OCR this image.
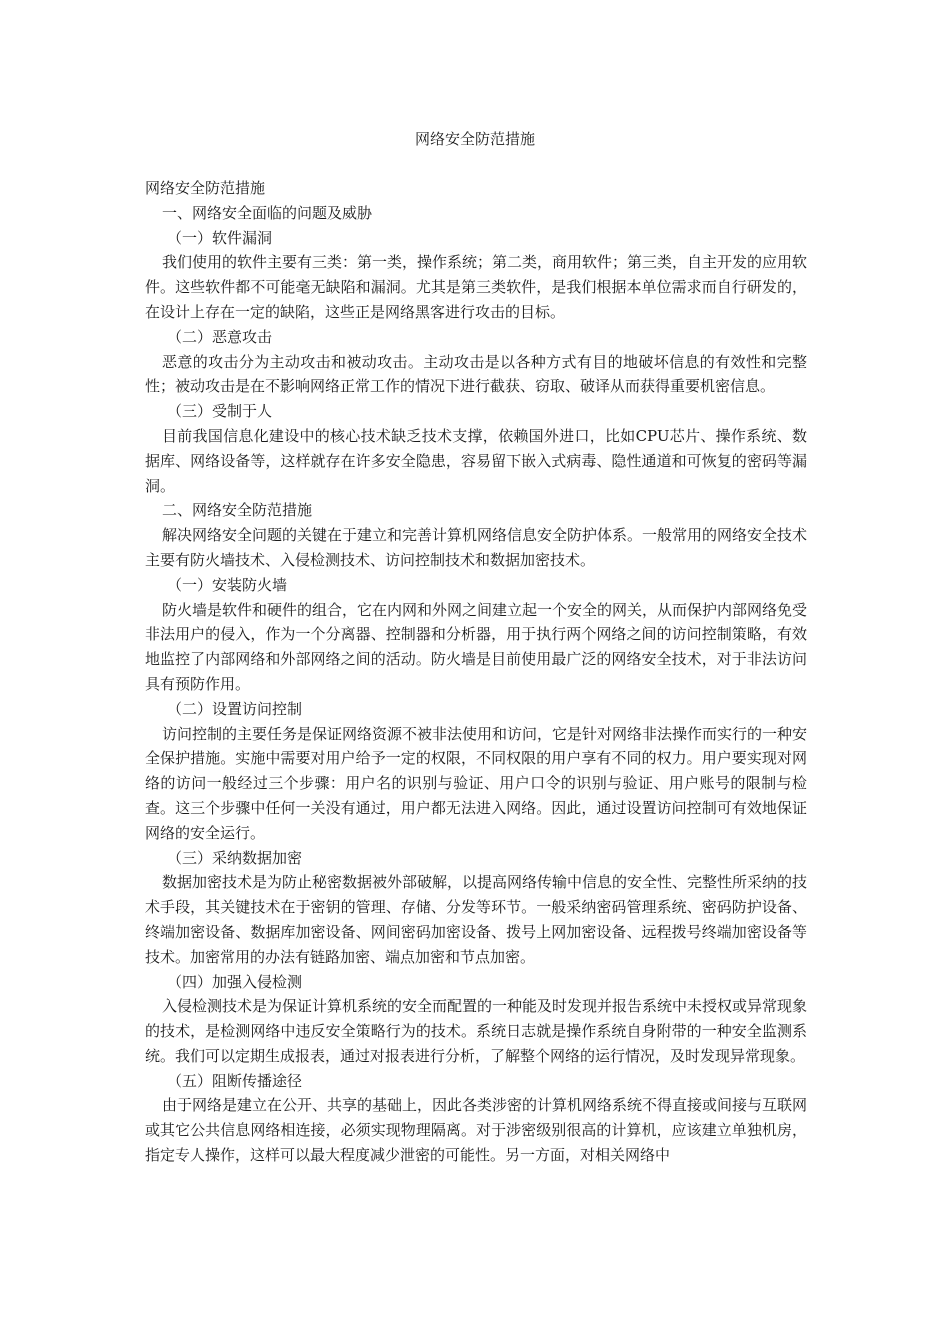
网络安全防范措施

网络安全防范措施

一、网络安全面临的问题及威胁

（一）软件漏洞

我们使用的软件主要有三类：第一类，操作系统；第二类，商用软件；第三类，自主开发的应用软件。这些软件都不可能毫无缺陷和漏洞。尤其是第三类软件，是我们根据本单位需求而自行研发的，在设计上存在一定的缺陷，这些正是网络黑客进行攻击的目标。

（二）恶意攻击

恶意的攻击分为主动攻击和被动攻击。主动攻击是以各种方式有目的地破坏信息的有效性和完整性；被动攻击是在不影响网络正常工作的情况下进行截获、窃取、破译从而获得重要机密信息。

（三）受制于人

目前我国信息化建设中的核心技术缺乏技术支撑，依赖国外进口，比如CPU芯片、操作系统、数据库、网络设备等，这样就存在许多安全隐患，容易留下嵌入式病毒、隐性通道和可恢复的密码等漏洞。

二、网络安全防范措施

解决网络安全问题的关键在于建立和完善计算机网络信息安全防护体系。一般常用的网络安全技术主要有防火墙技术、入侵检测技术、访问控制技术和数据加密技术。

（一）安装防火墙

防火墙是软件和硬件的组合，它在内网和外网之间建立起一个安全的网关，从而保护内部网络免受非法用户的侵入，作为一个分离器、控制器和分析器，用于执行两个网络之间的访问控制策略，有效地监控了内部网络和外部网络之间的活动。防火墙是目前使用最广泛的网络安全技术，对于非法访问具有预防作用。

（二）设置访问控制

访问控制的主要任务是保证网络资源不被非法使用和访问，它是针对网络非法操作而实行的一种安全保护措施。实施中需要对用户给予一定的权限，不同权限的用户享有不同的权力。用户要实现对网络的访问一般经过三个步骤：用户名的识别与验证、用户口令的识别与验证、用户账号的限制与检查。这三个步骤中任何一关没有通过，用户都无法进入网络。因此，通过设置访问控制可有效地保证网络的安全运行。

（三）采纳数据加密

数据加密技术是为防止秘密数据被外部破解，以提高网络传输中信息的安全性、完整性所采纳的技术手段，其关键技术在于密钥的管理、存储、分发等环节。一般采纳密码管理系统、密码防护设备、终端加密设备、数据库加密设备、网间密码加密设备、拨号上网加密设备、远程拨号终端加密设备等技术。加密常用的办法有链路加密、端点加密和节点加密。

（四）加强入侵检测

入侵检测技术是为保证计算机系统的安全而配置的一种能及时发现并报告系统中未授权或异常现象的技术，是检测网络中违反安全策略行为的技术。系统日志就是操作系统自身附带的一种安全监测系统。我们可以定期生成报表，通过对报表进行分析，了解整个网络的运行情况，及时发现异常现象。

（五）阻断传播途径

由于网络是建立在公开、共享的基础上，因此各类涉密的计算机网络系统不得直接或间接与互联网或其它公共信息网络相连接，必须实现物理隔离。对于涉密级别很高的计算机，应该建立单独机房，指定专人操作，这样可以最大程度减少泄密的可能性。另一方面，对相关网络中
